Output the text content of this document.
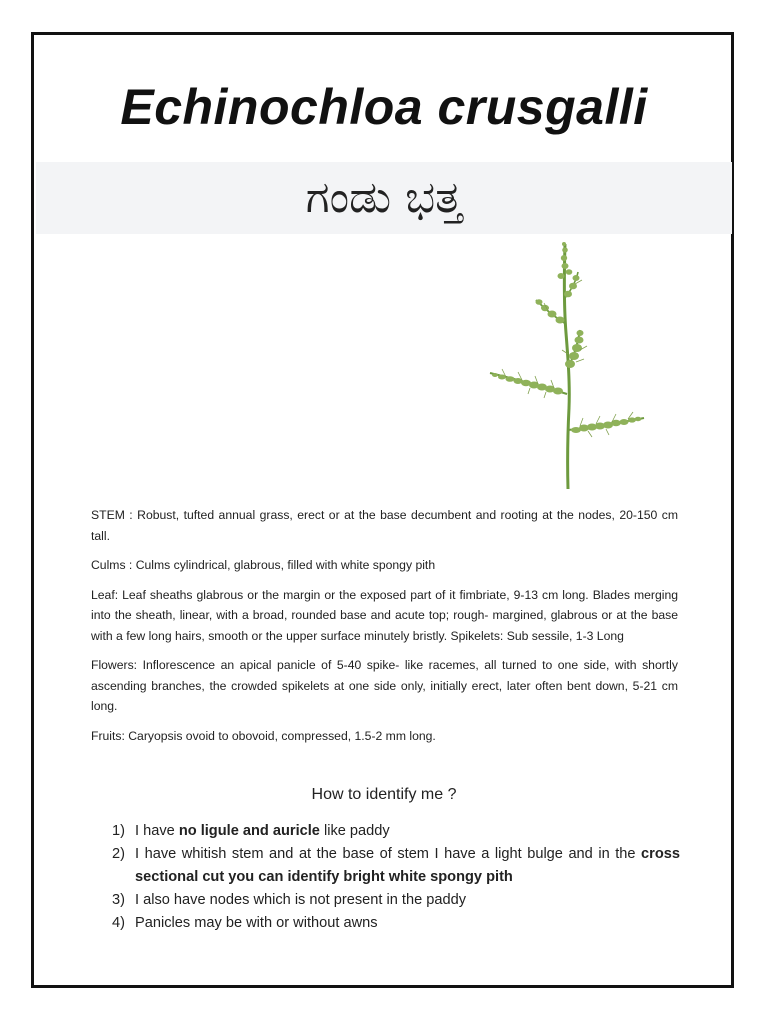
Echinochloa crusgalli
ಗಂಡು ಭತ್ತ

STEM : Robust, tufted annual grass, erect or at the base decumbent and rooting at the nodes, 20-150 cm tall.

Culms : Culms cylindrical, glabrous, filled with white spongy pith

Leaf: Leaf sheaths glabrous or the margin or the exposed part of it fimbriate, 9-13 cm long. Blades merging into the sheath, linear, with a broad, rounded base and acute top; rough- margined, glabrous or at the base with a few long hairs, smooth or the upper surface minutely bristly. Spikelets: Sub sessile, 1-3 Long

Flowers: Inflorescence an apical panicle of 5-40 spike- like racemes, all turned to one side, with shortly ascending branches, the crowded spikelets at one side only, initially erect, later often bent down, 5-21 cm long.

Fruits: Caryopsis ovoid to obovoid, compressed, 1.5-2 mm long.

How to identify me ?
1) I have no ligule and auricle like paddy
2) I have whitish stem and at the base of stem I have a light bulge and in the cross sectional cut you can identify bright white spongy pith
3) I also have nodes which is not present in the paddy
4) Panicles may be with or without awns
